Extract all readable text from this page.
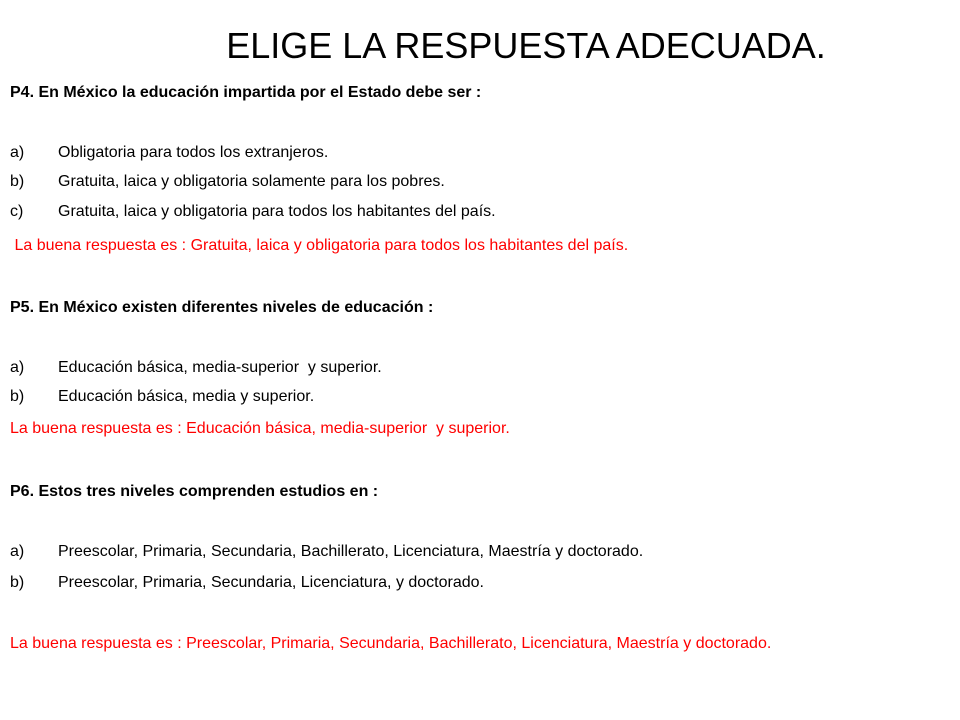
ELIGE LA RESPUESTA ADECUADA.
P4. En México la educación impartida por el Estado debe ser :
a) Obligatoria para todos los extranjeros.
b) Gratuita, laica y obligatoria solamente para los pobres.
c) Gratuita, laica y obligatoria para todos los habitantes del país.
La buena respuesta es : Gratuita, laica y obligatoria para todos los habitantes del país.
P5. En México existen diferentes niveles de educación :
a) Educación básica, media-superior  y superior.
b) Educación básica, media y superior.
La buena respuesta es : Educación básica, media-superior  y superior.
P6. Estos tres niveles comprenden estudios en :
a) Preescolar, Primaria, Secundaria, Bachillerato, Licenciatura, Maestría y doctorado.
b) Preescolar, Primaria, Secundaria, Licenciatura, y doctorado.
La buena respuesta es : Preescolar, Primaria, Secundaria, Bachillerato, Licenciatura, Maestría y doctorado.
